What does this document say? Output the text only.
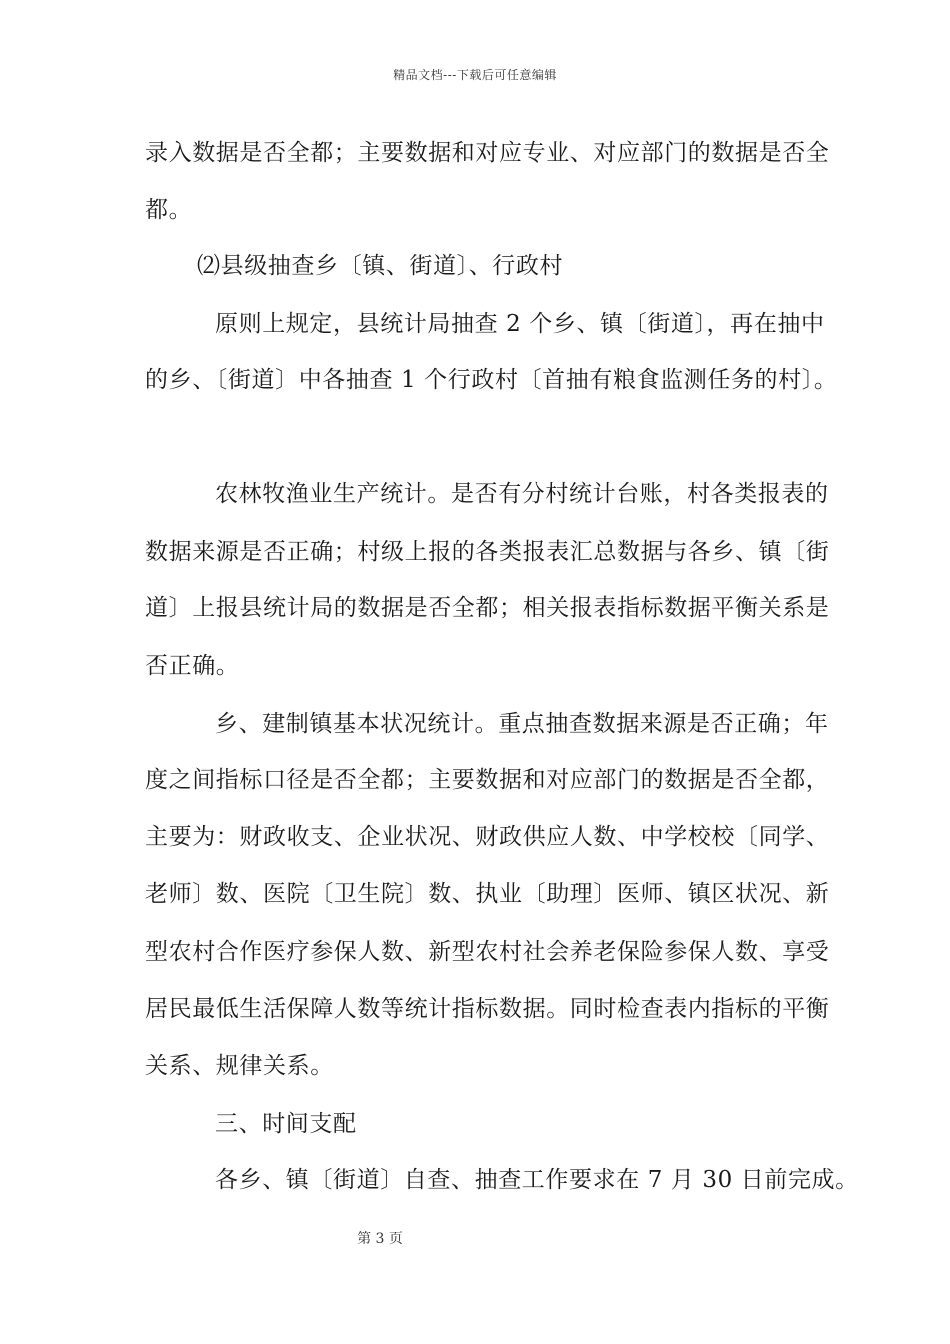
精品文档---下载后可任意编辑
录入数据是否全都；主要数据和对应专业、对应部门的数据是否全
都。
⑵县级抽查乡〔镇、街道〕、行政村
原则上规定，县统计局抽查 2 个乡、镇〔街道〕，再在抽中
的乡、〔街道〕中各抽查 1 个行政村〔首抽有粮食监测任务的村〕。
农林牧渔业生产统计。是否有分村统计台账，村各类报表的
数据来源是否正确；村级上报的各类报表汇总数据与各乡、镇〔街
道〕上报县统计局的数据是否全都；相关报表指标数据平衡关系是
否正确。
乡、建制镇基本状况统计。重点抽查数据来源是否正确；年
度之间指标口径是否全都；主要数据和对应部门的数据是否全都，
主要为：财政收支、企业状况、财政供应人数、中学校校〔同学、
老师〕数、医院〔卫生院〕数、执业〔助理〕医师、镇区状况、新
型农村合作医疗参保人数、新型农村社会养老保险参保人数、享受
居民最低生活保障人数等统计指标数据。同时检查表内指标的平衡
关系、规律关系。
三、时间支配
各乡、镇〔街道〕自查、抽查工作要求在 7 月 30 日前完成。
第 3 页
